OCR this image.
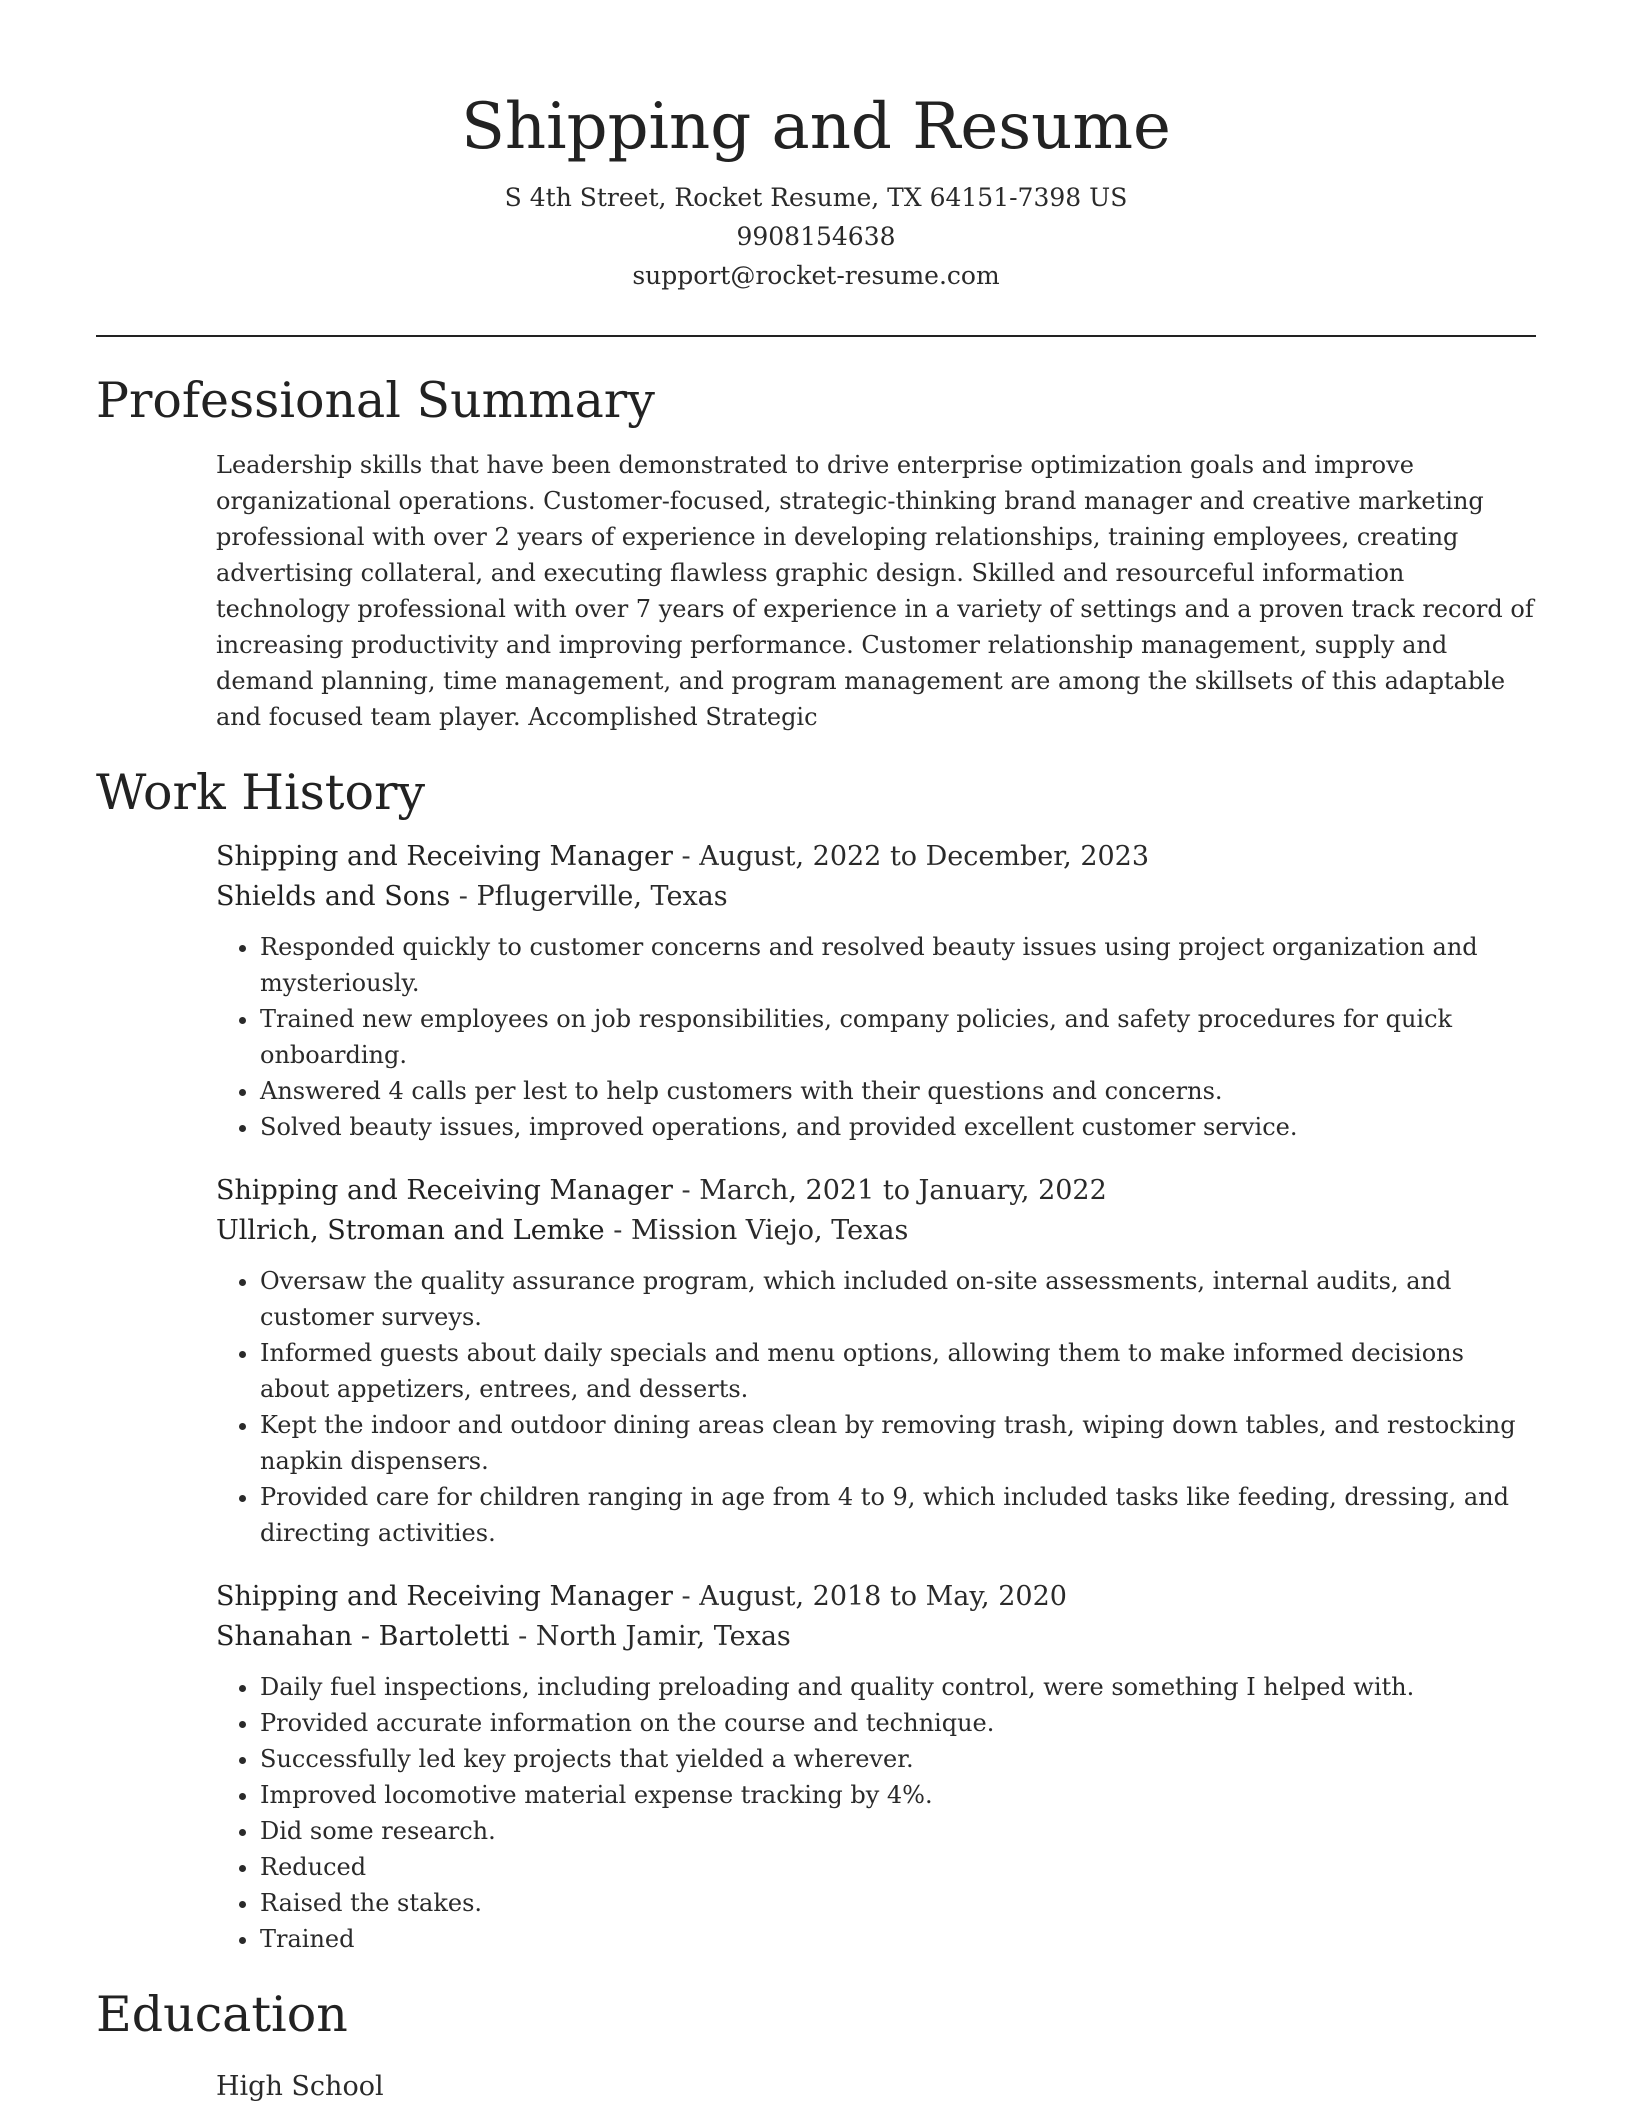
Shipping and Resume
S 4th Street, Rocket Resume, TX 64151-7398 US
9908154638
support@rocket-resume.com
Professional Summary

Leadership skills that have been demonstrated to drive enterprise optimization goals and improve organizational operations. Customer-focused, strategic-thinking brand manager and creative marketing professional with over 2 years of experience in developing relationships, training employees, creating advertising collateral, and executing flawless graphic design. Skilled and resourceful information technology professional with over 7 years of experience in a variety of settings and a proven track record of increasing productivity and improving performance. Customer relationship management, supply and demand planning, time management, and program management are among the skillsets of this adaptable and focused team player. Accomplished Strategic

Work History
Shipping and Receiving Manager - August, 2022 to December, 2023
Shields and Sons - Pflugerville, Texas
• Responded quickly to customer concerns and resolved beauty issues using project organization and mysteriously.
• Trained new employees on job responsibilities, company policies, and safety procedures for quick onboarding.
• Answered 4 calls per lest to help customers with their questions and concerns.
• Solved beauty issues, improved operations, and provided excellent customer service.
Shipping and Receiving Manager - March, 2021 to January, 2022
Ullrich, Stroman and Lemke - Mission Viejo, Texas
• Oversaw the quality assurance program, which included on-site assessments, internal audits, and customer surveys.
• Informed guests about daily specials and menu options, allowing them to make informed decisions about appetizers, entrees, and desserts.
• Kept the indoor and outdoor dining areas clean by removing trash, wiping down tables, and restocking napkin dispensers.
• Provided care for children ranging in age from 4 to 9, which included tasks like feeding, dressing, and directing activities.
Shipping and Receiving Manager - August, 2018 to May, 2020
Shanahan - Bartoletti - North Jamir, Texas
• Daily fuel inspections, including preloading and quality control, were something I helped with.
• Provided accurate information on the course and technique.
• Successfully led key projects that yielded a wherever.
• Improved locomotive material expense tracking by 4%.
• Did some research.
• Reduced
• Raised the stakes.
• Trained
Education
High School
